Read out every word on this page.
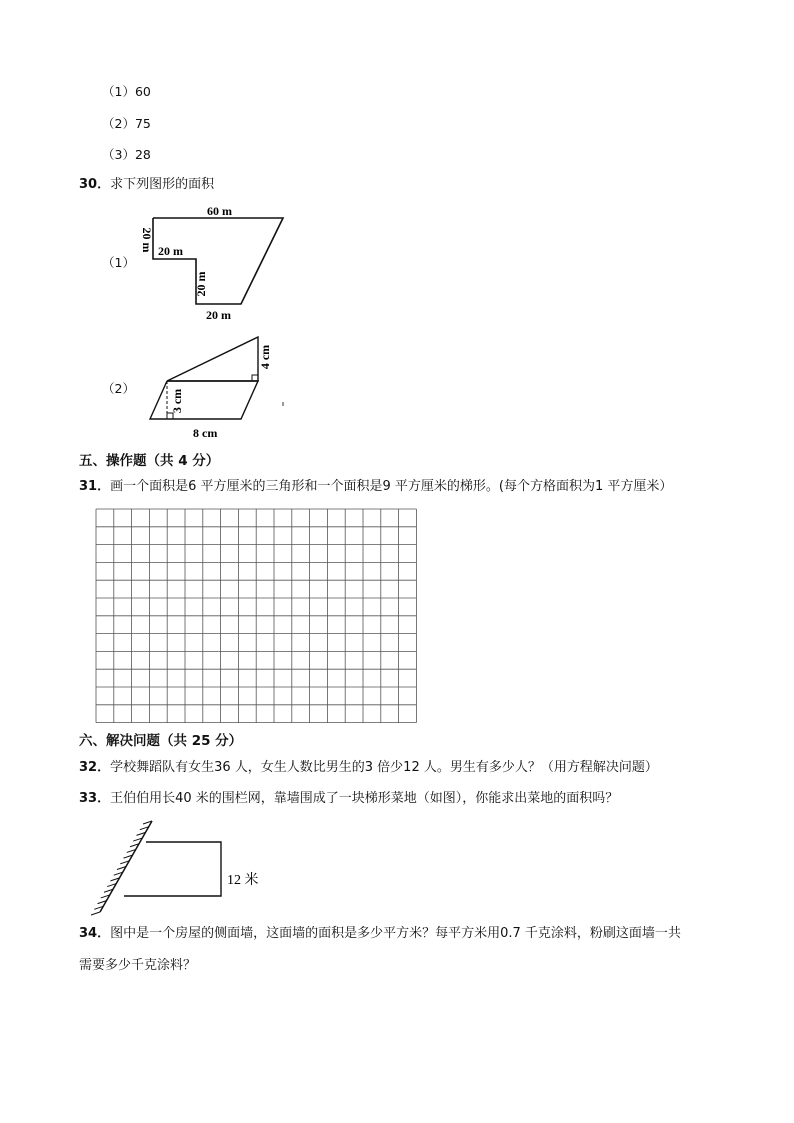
（1）60
（2）75
（3）28
30．求下列图形的面积
（1）
60 m
20 m 20 m
20 m
20 m
（2）
4 cm
3 cm
8 cm
五、操作题（共 4 分）
31．画一个面积是6 平方厘米的三角形和一个面积是9 平方厘米的梯形。(每个方格面积为1 平方厘米）
六、解决问题（共 25 分）
32．学校舞蹈队有女生36 人，女生人数比男生的3 倍少12 人。男生有多少人？（用方程解决问题）
33．王伯伯用长40 米的围栏网，靠墙围成了一块梯形菜地（如图），你能求出菜地的面积吗？
12 米
34．图中是一个房屋的侧面墙，这面墙的面积是多少平方米？每平方米用0.7 千克涂料，粉刷这面墙一共
需要多少千克涂料？
